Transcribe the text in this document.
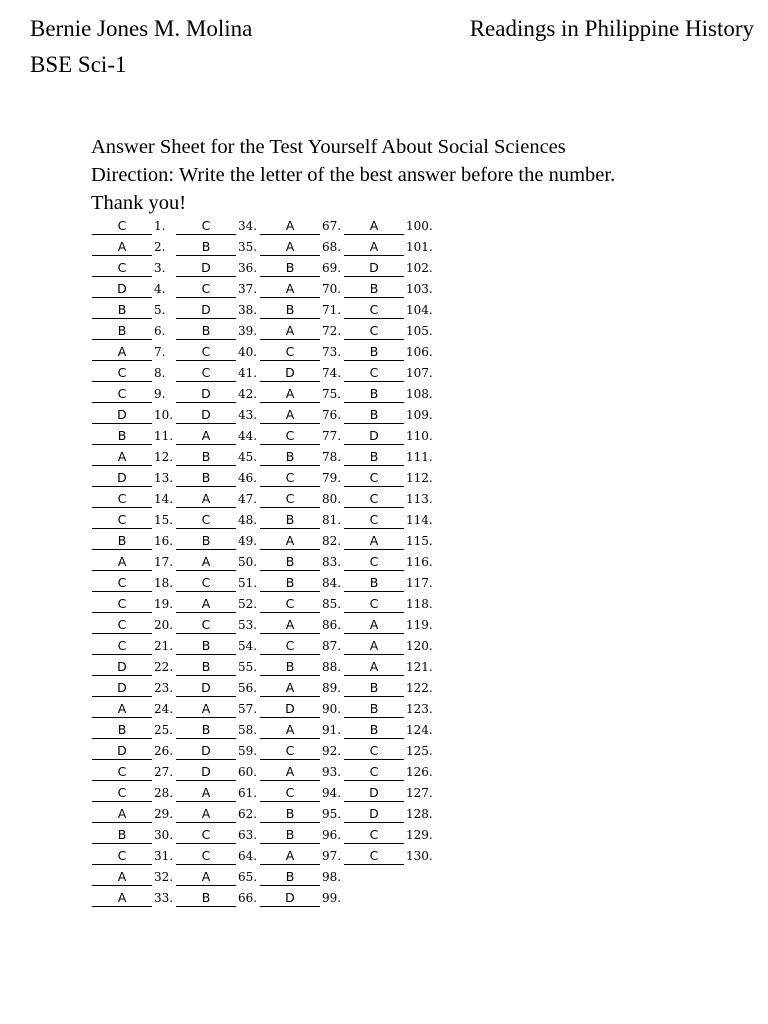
Bernie Jones M. Molina
BSE Sci-1
Readings in Philippine History
Answer Sheet for the Test Yourself About Social Sciences
Direction: Write the letter of the best answer before the number.
Thank you!
C	1.	C	34.	A	67.	A	100.
A	2.	B	35.	A	68.	A	101.
C	3.	D	36.	B	69.	D	102.
D	4.	C	37.	A	70.	B	103.
B	5.	D	38.	B	71.	C	104.
B	6.	B	39.	A	72.	C	105.
A	7.	C	40.	C	73.	B	106.
C	8.	C	41.	D	74.	C	107.
C	9.	D	42.	A	75.	B	108.
D	10.	D	43.	A	76.	B	109.
B	11.	A	44.	C	77.	D	110.
A	12.	B	45.	B	78.	B	111.
D	13.	B	46.	C	79.	C	112.
C	14.	A	47.	C	80.	C	113.
C	15.	C	48.	B	81.	C	114.
B	16.	B	49.	A	82.	A	115.
A	17.	A	50.	B	83.	C	116.
C	18.	C	51.	B	84.	B	117.
C	19.	A	52.	C	85.	C	118.
C	20.	C	53.	A	86.	A	119.
C	21.	B	54.	C	87.	A	120.
D	22.	B	55.	B	88.	A	121.
D	23.	D	56.	A	89.	B	122.
A	24.	A	57.	D	90.	B	123.
B	25.	B	58.	A	91.	B	124.
D	26.	D	59.	C	92.	C	125.
C	27.	D	60.	A	93.	C	126.
C	28.	A	61.	C	94.	D	127.
A	29.	A	62.	B	95.	D	128.
B	30.	C	63.	B	96.	C	129.
C	31.	C	64.	A	97.	C	130.
A	32.	A	65.	B	98.
A	33.	B	66.	D	99.
